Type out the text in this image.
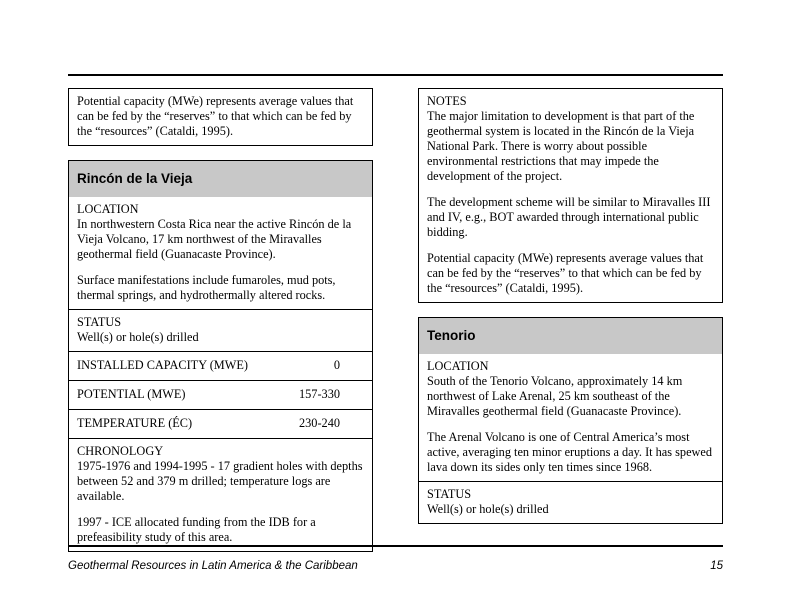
Potential capacity (MWe) represents average values that can be fed by the “reserves” to that which can be fed by the “resources” (Cataldi, 1995).

Rincón de la Vieja
LOCATION

In northwestern Costa Rica near the active Rincón de la Vieja Volcano, 17 km northwest of the Miravalles geothermal field (Guanacaste Province).

Surface manifestations include fumaroles, mud pots, thermal springs, and hydrothermally altered rocks.

STATUS

Well(s) or hole(s) drilled

INSTALLED CAPACITY (MWE)	0
POTENTIAL (MWE)	157-330
TEMPERATURE (ÉC)	230-240
CHRONOLOGY

1975-1976 and 1994-1995 - 17 gradient holes with depths between 52 and 379 m drilled; temperature logs are available.

1997 - ICE allocated funding from the IDB for a prefeasibility study of this area.

NOTES

The major limitation to development is that part of the geothermal system is located in the Rincón de la Vieja National Park. There is worry about possible environmental restrictions that may impede the development of the project.

The development scheme will be similar to Miravalles III and IV, e.g., BOT awarded through international public bidding.

Potential capacity (MWe) represents average values that can be fed by the “reserves” to that which can be fed by the “resources” (Cataldi, 1995).

Tenorio
LOCATION

South of the Tenorio Volcano, approximately 14 km northwest of Lake Arenal, 25 km southeast of the Miravalles geothermal field (Guanacaste Province).

The Arenal Volcano is one of Central America’s most active, averaging ten minor eruptions a day. It has spewed lava down its sides only ten times since 1968.

STATUS

Well(s) or hole(s) drilled

Geothermal Resources in Latin America & the Caribbean	15
